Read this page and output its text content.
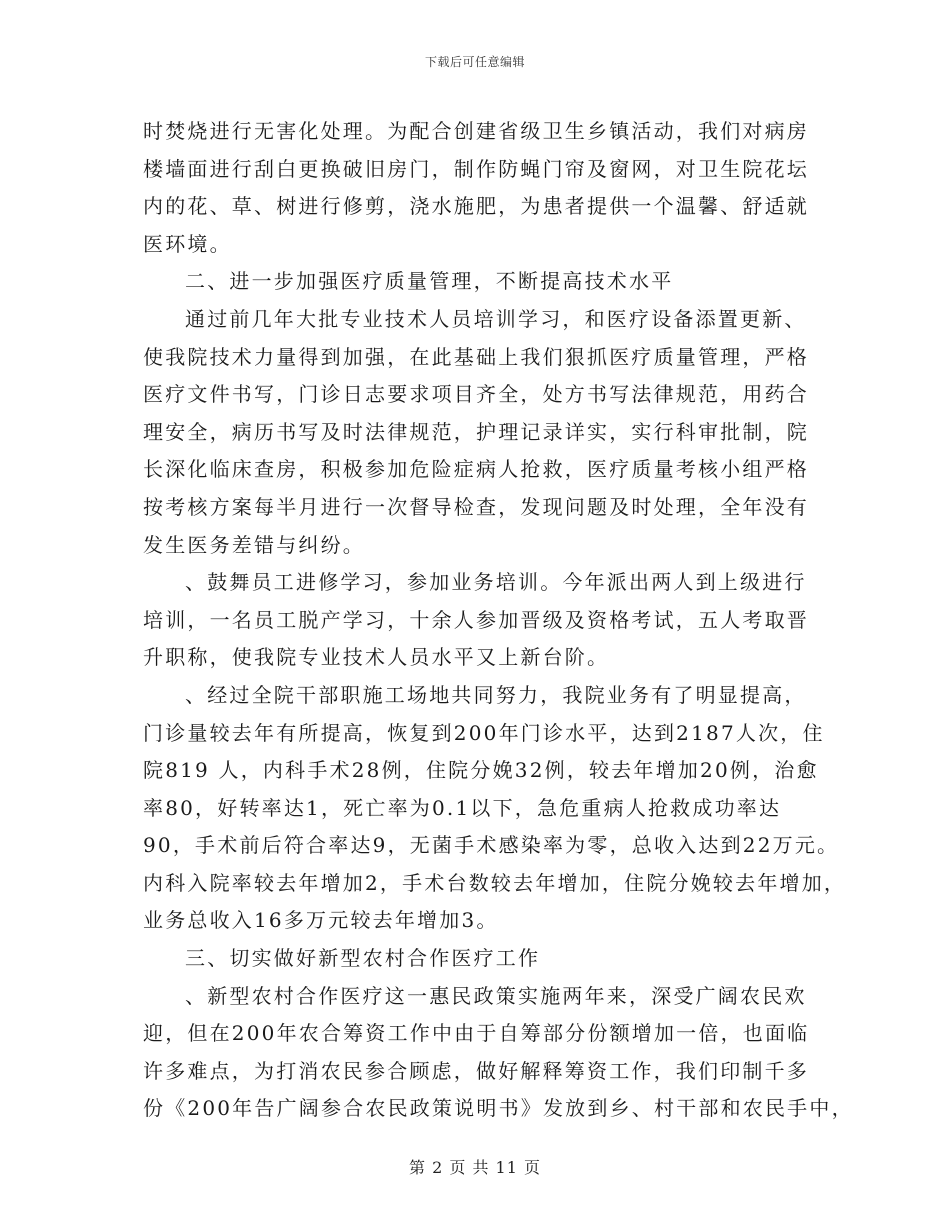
下载后可任意编辑
时焚烧进行无害化处理。为配合创建省级卫生乡镇活动，我们对病房
楼墙面进行刮白更换破旧房门，制作防蝇门帘及窗网，对卫生院花坛
内的花、草、树进行修剪，浇水施肥，为患者提供一个温馨、舒适就
医环境。
二、进一步加强医疗质量管理，不断提高技术水平
通过前几年大批专业技术人员培训学习，和医疗设备添置更新、
使我院技术力量得到加强，在此基础上我们狠抓医疗质量管理，严格
医疗文件书写，门诊日志要求项目齐全，处方书写法律规范，用药合
理安全，病历书写及时法律规范，护理记录详实，实行科审批制，院
长深化临床查房，积极参加危险症病人抢救，医疗质量考核小组严格
按考核方案每半月进行一次督导检查，发现问题及时处理，全年没有
发生医务差错与纠纷。
、鼓舞员工进修学习，参加业务培训。今年派出两人到上级进行
培训，一名员工脱产学习，十余人参加晋级及资格考试，五人考取晋
升职称，使我院专业技术人员水平又上新台阶。
、经过全院干部职施工场地共同努力，我院业务有了明显提高，
门诊量较去年有所提高，恢复到200年门诊水平，达到2187人次，住
院819 人，内科手术28例，住院分娩32例，较去年增加20例，治愈
率80，好转率达1，死亡率为0.1以下，急危重病人抢救成功率达
90，手术前后符合率达9，无菌手术感染率为零，总收入达到22万元。
内科入院率较去年增加2，手术台数较去年增加，住院分娩较去年增加，
业务总收入16多万元较去年增加3。
三、切实做好新型农村合作医疗工作
、新型农村合作医疗这一惠民政策实施两年来，深受广阔农民欢
迎，但在200年农合筹资工作中由于自筹部分份额增加一倍，也面临
许多难点，为打消农民参合顾虑，做好解释筹资工作，我们印制千多
份《200年告广阔参合农民政策说明书》发放到乡、村干部和农民手中，
第 2 页 共 11 页
